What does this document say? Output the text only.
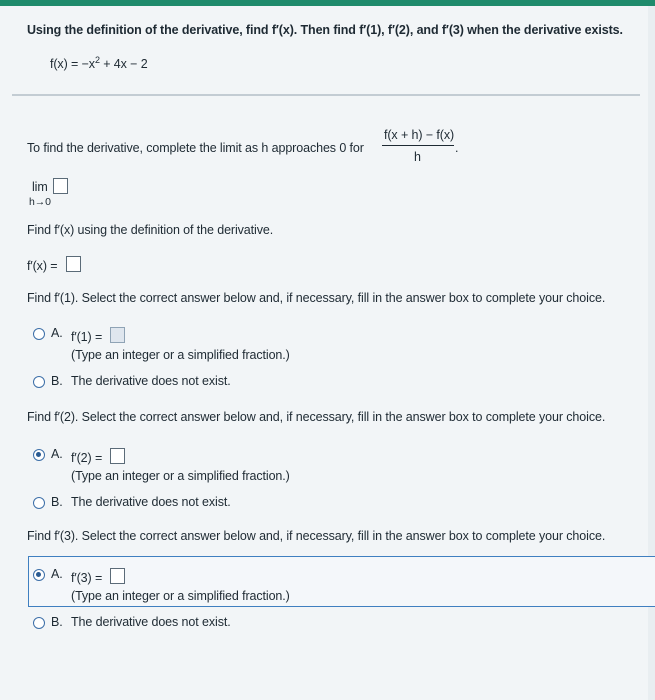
Using the definition of the derivative, find f′(x). Then find f′(1), f′(2), and f′(3) when the derivative exists.
$f(x) = -x^2 + 4x - 2$
To find the derivative, complete the limit as h approaches 0 for
f(x + h) − f(x)
h
.
lim
h→0
Find f′(x) using the definition of the derivative.
f′(x) =
Find f′(1). Select the correct answer below and, if necessary, fill in the answer box to complete your choice.
A. f′(1) =
(Type an integer or a simplified fraction.)
B. The derivative does not exist.
Find f′(2). Select the correct answer below and, if necessary, fill in the answer box to complete your choice.
A. f′(2) =
(Type an integer or a simplified fraction.)
B. The derivative does not exist.
Find f′(3). Select the correct answer below and, if necessary, fill in the answer box to complete your choice.
A. f′(3) =
(Type an integer or a simplified fraction.)
B. The derivative does not exist.
